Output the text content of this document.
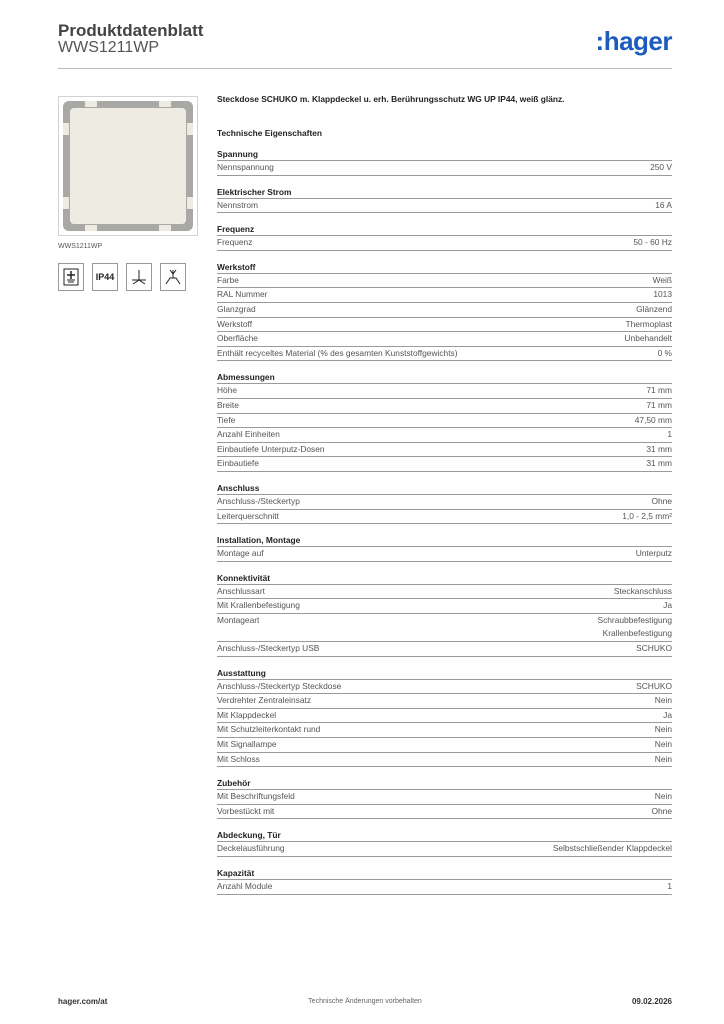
Produktdatenblatt
WWS1211WP	:hager
WWS1211WP
IP44
Steckdose SCHUKO m. Klappdeckel u. erh. Berührungsschutz WG UP IP44, weiß glänz.
Technische Eigenschaften
Spannung
Nennspannung	250 V
Elektrischer Strom
Nennstrom	16 A
Frequenz
Frequenz	50 - 60 Hz
Werkstoff
Farbe	Weiß
RAL Nummer	1013
Glanzgrad	Glänzend
Werkstoff	Thermoplast
Oberfläche	Unbehandelt
Enthält recyceltes Material (% des gesamten Kunststoffgewichts)	0 %
Abmessungen
Höhe	71 mm
Breite	71 mm
Tiefe	47,50 mm
Anzahl Einheiten	1
Einbautiefe Unterputz-Dosen	31 mm
Einbautiefe	31 mm
Anschluss
Anschluss-/Steckertyp	Ohne
Leiterquerschnitt	1,0 - 2,5 mm²
Installation, Montage
Montage auf	Unterputz
Konnektivität
Anschlussart	Steckanschluss
Mit Krallenbefestigung	Ja
Montageart	Schraubbefestigung
Krallenbefestigung
Anschluss-/Steckertyp USB	SCHUKO
Ausstattung
Anschluss-/Steckertyp Steckdose	SCHUKO
Verdrehter Zentraleinsatz	Nein
Mit Klappdeckel	Ja
Mit Schutzleiterkontakt rund	Nein
Mit Signallampe	Nein
Mit Schloss	Nein
Zubehör
Mit Beschriftungsfeld	Nein
Vorbestückt mit	Ohne
Abdeckung, Tür
Deckelausführung	Selbstschließender Klappdeckel
Kapazität
Anzahl Module	1
hager.com/at	Technische Änderungen vorbehalten	09.02.2026
